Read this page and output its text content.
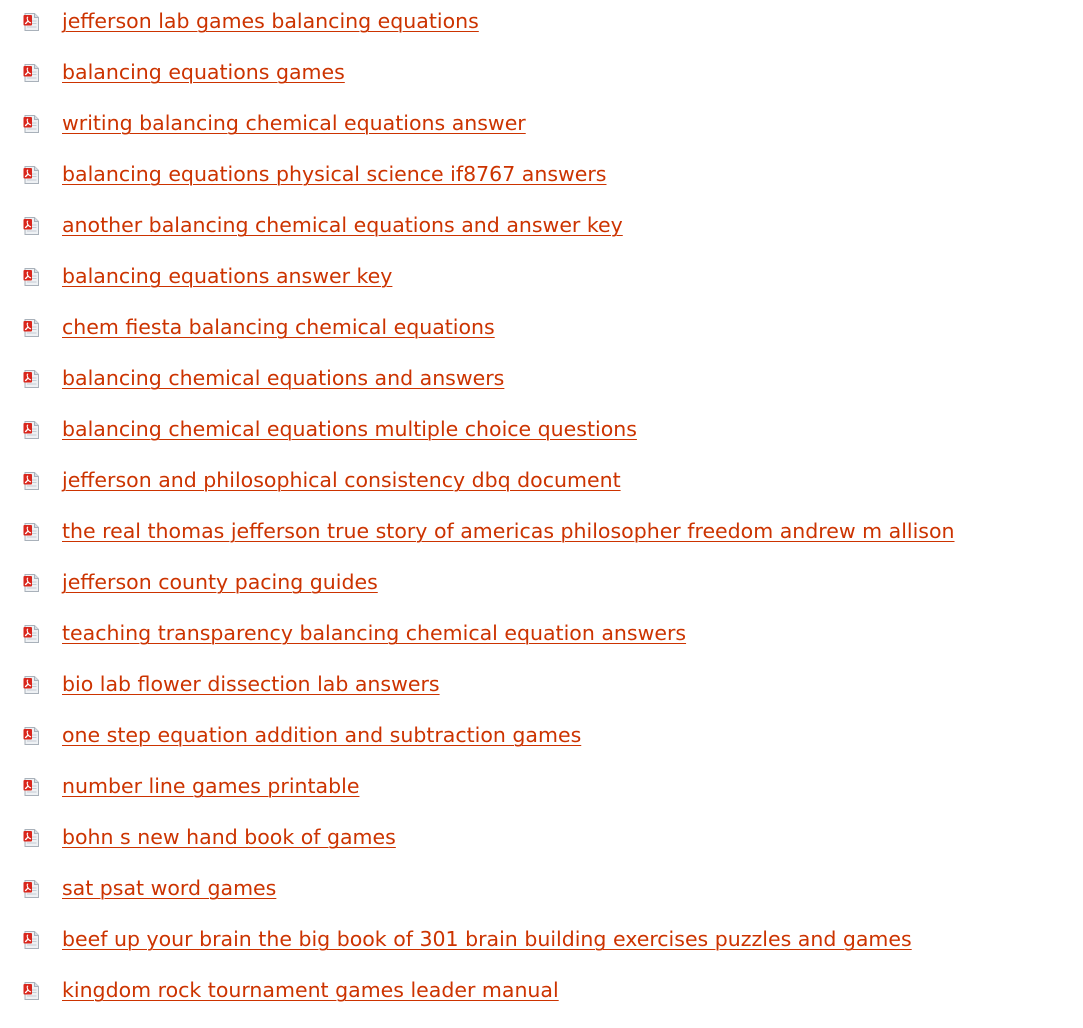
jefferson lab games balancing equations
balancing equations games
writing balancing chemical equations answer
balancing equations physical science if8767 answers
another balancing chemical equations and answer key
balancing equations answer key
chem fiesta balancing chemical equations
balancing chemical equations and answers
balancing chemical equations multiple choice questions
jefferson and philosophical consistency dbq document
the real thomas jefferson true story of americas philosopher freedom andrew m allison
jefferson county pacing guides
teaching transparency balancing chemical equation answers
bio lab flower dissection lab answers
one step equation addition and subtraction games
number line games printable
bohn s new hand book of games
sat psat word games
beef up your brain the big book of 301 brain building exercises puzzles and games
kingdom rock tournament games leader manual
